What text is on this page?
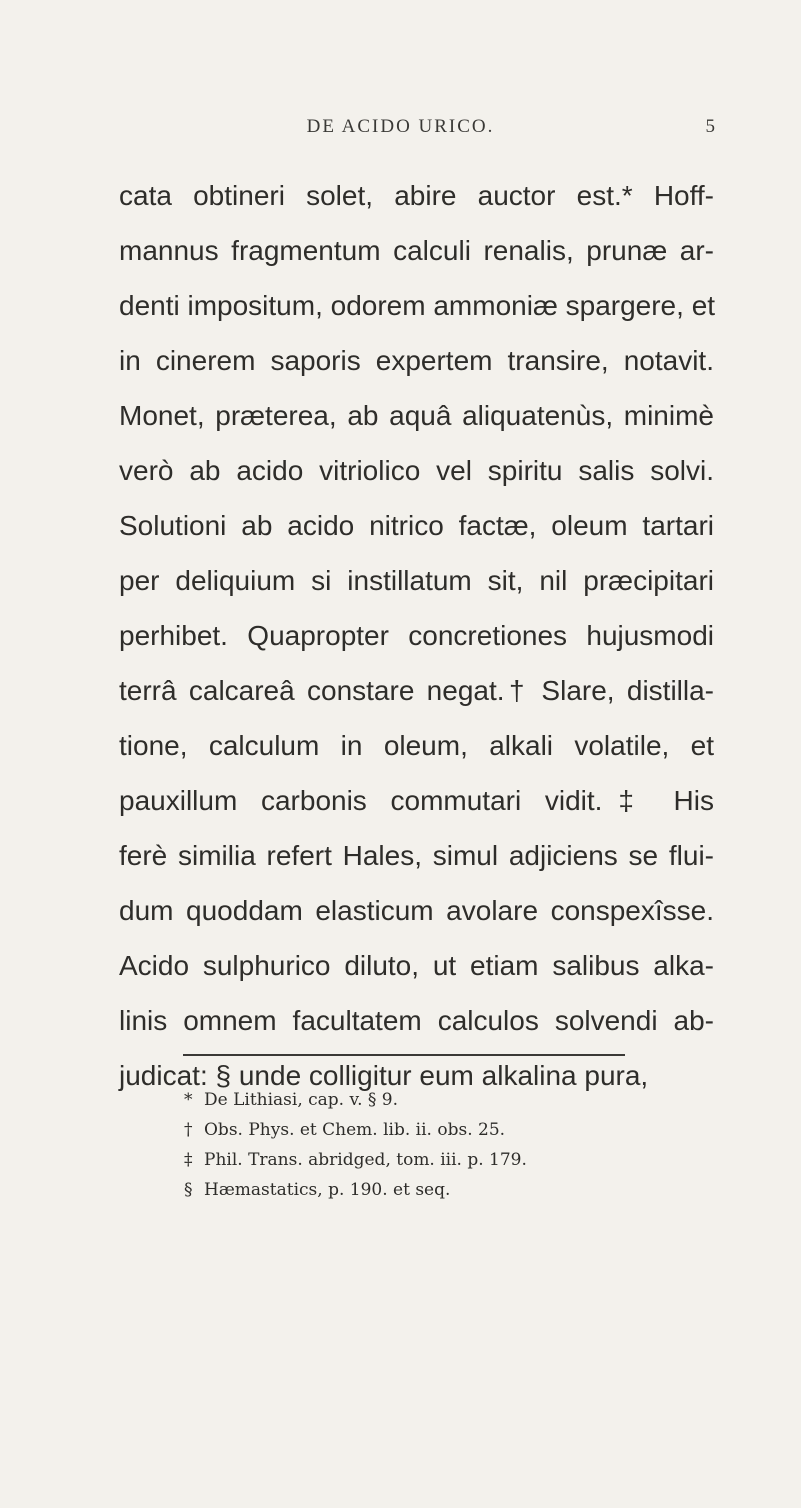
DE ACIDO URICO.	5
cata obtineri solet, abire auctor est.* Hoff-
mannus fragmentum calculi renalis, prunæ ar-
denti impositum, odorem ammoniæ spargere, et
in cinerem saporis expertem transire, notavit.
Monet, præterea, ab aquâ aliquatenùs, minimè
verò ab acido vitriolico vel spiritu salis solvi.
Solutioni ab acido nitrico factæ, oleum tartari
per deliquium si instillatum sit, nil præcipitari
perhibet. Quapropter concretiones hujusmodi
terrâ calcareâ constare negat.† Slare, distilla-
tione, calculum in oleum, alkali volatile, et
pauxillum carbonis commutari vidit.‡ His
ferè similia refert Hales, simul adjiciens se flui-
dum quoddam elasticum avolare conspexîsse.
Acido sulphurico diluto, ut etiam salibus alka-
linis omnem facultatem calculos solvendi ab-
judicat: § unde colligitur eum alkalina pura,
* De Lithiasi, cap. v. § 9.
† Obs. Phys. et Chem. lib. ii. obs. 25.
‡ Phil. Trans. abridged, tom. iii. p. 179.
§ Hæmastatics, p. 190. et seq.
